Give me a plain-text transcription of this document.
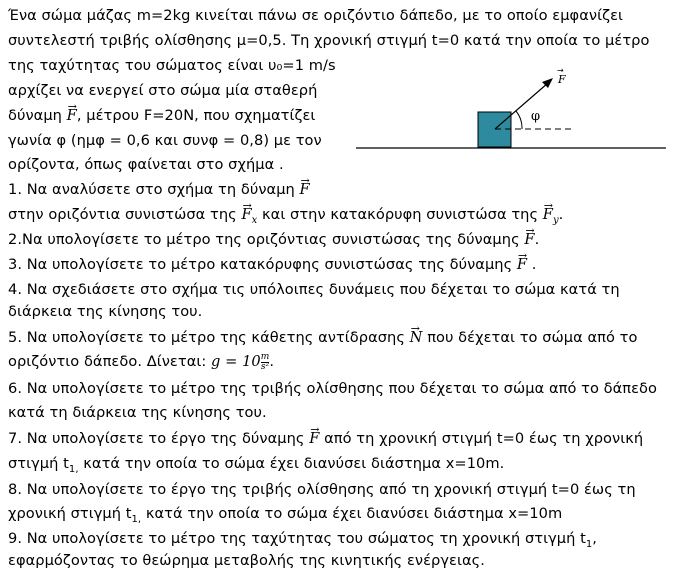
Ένα σώμα μάζας m=2kg κινείται πάνω σε οριζόντιο δάπεδο, με το οποίο εμφανίζει
συντελεστή τριβής ολίσθησης μ=0,5. Τη χρονική στιγμή t=0 κατά την οποία το μέτρο
της ταχύτητας του σώματος είναι υ₀=1 m/s
αρχίζει να ενεργεί στο σώμα μία σταθερή
δύναμη → F, μέτρου F=20N, που σχηματίζει
γωνία φ (ημφ = 0,6 και συνφ = 0,8) με τον
ορίζοντα, όπως φαίνεται στο σχήμα .
1. Να αναλύσετε στο σχήμα τη δύναμη → F
στην οριζόντια συνιστώσα $\tau\eta\varsigma \to F_x$ και στην κατακόρυφη συνιστώσα $\tau\eta\varsigma \to F_y$.
2.Να υπολογίσετε το μέτρο της οριζόντιας συνιστώσας της δύναμης → F.
3. Να υπολογίσετε το μέτρο κατακόρυφης συνιστώσας της δύναμης → F .
4. Να σχεδιάσετε στο σχήμα τις υπόλοιπες δυνάμεις που δέχεται το σώμα κατά τη
διάρκεια της κίνησης του.
5. Να υπολογίσετε το μέτρο της κάθετης αντίδρασης → N που δέχεται το σώμα από το
οριζόντιο δάπεδο. Δίνεται: $g = 10 \frac{m}{\text{s²}}$ .
6. Να υπολογίσετε το μέτρο της τριβής ολίσθησης που δέχεται το σώμα από το δάπεδο
κατά τη διάρκεια της κίνησης του.
7. Να υπολογίσετε το έργο της δύναμης → F από τη χρονική στιγμή t=0 έως τη χρονική
στιγμή $t_{1,}$ κατά την οποία το σώμα έχει διανύσει διάστημα x=10m.
8. Να υπολογίσετε το έργο της τριβής ολίσθησης από τη χρονική στιγμή t=0 έως τη
χρονική στιγμή $t_{1,}$ κατά την οποία το σώμα έχει διανύσει διάστημα x=10m
9. Να υπολογίσετε το μέτρο της ταχύτητας του σώματος τη χρονική στιγμή $t_1$,
εφαρμόζοντας το θεώρημα μεταβολής της κινητικής ενέργειας.
φ
F
→
